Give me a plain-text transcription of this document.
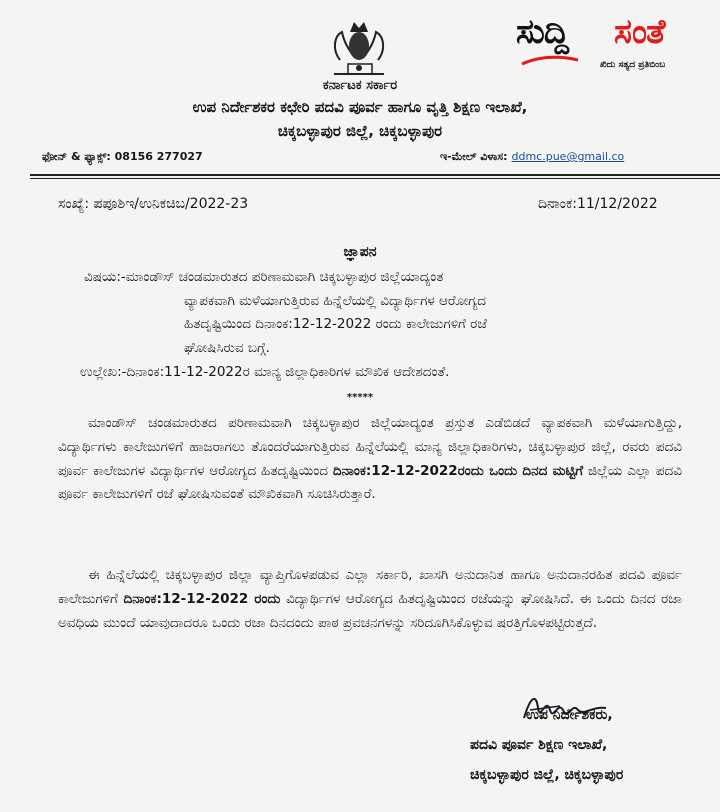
ಸುದ್ದಿ ಸಂತೆ
ಖಿದು ಸತ್ಯದ ಪ್ರತಿಬಿಂಬ
ಕರ್ನಾಟಕ ಸರ್ಕಾರ
ಉಪ ನಿರ್ದೇಶಕರ ಕಛೇರಿ ಪದವಿ ಪೂರ್ವ ಹಾಗೂ ವೃತ್ತಿ ಶಿಕ್ಷಣ ಇಲಾಖೆ,
ಚಿಕ್ಕಬಳ್ಳಾಪುರ ಜಿಲ್ಲೆ, ಚಿಕ್ಕಬಳ್ಳಾಪುರ
ಫೋನ್ & ಫ್ಯಾಕ್ಸ್: 08156 277027	ಇ-ಮೇಲ್ ವಿಳಾಸ: ddmc.pue@gmail.co
ಸಂಖ್ಯೆ: ಪಪೂಶಿಇ/ಉನಿಕಚಿಬ/2022-23	ದಿನಾಂಕ:11/12/2022
ಜ್ಞಾಪನ
ವಿಷಯ:-ಮಾಂಡೌಸ್ ಚಂಡಮಾರುತದ ಪರಿಣಾಮವಾಗಿ ಚಿಕ್ಕಬಳ್ಳಾಪುರ ಜಿಲ್ಲೆಯಾದ್ಯಂತ
ವ್ಯಾಪಕವಾಗಿ ಮಳೆಯಾಗುತ್ತಿರುವ ಹಿನ್ನೆಲೆಯಲ್ಲಿ ವಿದ್ಯಾರ್ಥಿಗಳ ಆರೋಗ್ಯದ
ಹಿತದೃಷ್ಟಿಯಿಂದ ದಿನಾಂಕ:12-12-2022 ರಂದು ಕಾಲೇಜುಗಳಿಗೆ ರಜೆ
ಘೋಷಿಸಿರುವ ಬಗ್ಗೆ.
ಉಲ್ಲೇಖ:-ದಿನಾಂಕ:11-12-2022ರ ಮಾನ್ಯ ಜಿಲ್ಲಾಧಿಕಾರಿಗಳ ಮೌಖಿಕ ಆದೇಶದಂತೆ.
*****
ಮಾಂಡೌಸ್ ಚಂಡಮಾರುತದ ಪರಿಣಾಮವಾಗಿ ಚಿಕ್ಕಬಳ್ಳಾಪುರ ಜಿಲ್ಲೆಯಾದ್ಯಂತ ಪ್ರಸ್ತುತ ಎಡೆಬಿಡದೆ ವ್ಯಾಪಕವಾಗಿ ಮಳೆಯಾಗುತ್ತಿದ್ದು, ವಿದ್ಯಾರ್ಥಿಗಳು ಕಾಲೇಜುಗಳಿಗೆ ಹಾಜರಾಗಲು ತೊಂದರೆಯಾಗುತ್ತಿರುವ ಹಿನ್ನೆಲೆಯಲ್ಲಿ ಮಾನ್ಯ ಜಿಲ್ಲಾಧಿಕಾರಿಗಳು, ಚಿಕ್ಕಬಳ್ಳಾಪುರ ಜಿಲ್ಲೆ, ರವರು ಪದವಿ ಪೂರ್ವ ಕಾಲೇಜುಗಳ ವಿದ್ಯಾರ್ಥಿಗಳ ಆರೋಗ್ಯದ ಹಿತದೃಷ್ಟಿಯಿಂದ ದಿನಾಂಕ:12-12-2022ರಂದು ಒಂದು ದಿನದ ಮಟ್ಟಿಗೆ ಜಿಲ್ಲೆಯ ಎಲ್ಲಾ ಪದವಿ ಪೂರ್ವ ಕಾಲೇಜುಗಳಿಗೆ ರಜೆ ಘೋಷಿಸುವಂತೆ ಮೌಖಿಕವಾಗಿ ಸೂಚಿಸಿರುತ್ತಾರೆ.
ಈ ಹಿನ್ನೆಲೆಯಲ್ಲಿ ಚಿಕ್ಕಬಳ್ಳಾಪುರ ಜಿಲ್ಲಾ ವ್ಯಾಪ್ತಿಗೊಳಪಡುವ ಎಲ್ಲಾ ಸರ್ಕಾರಿ, ಖಾಸಗಿ ಅನುದಾನಿತ ಹಾಗೂ ಅನುದಾನರಹಿತ ಪದವಿ ಪೂರ್ವ ಕಾಲೇಜುಗಳಿಗೆ ದಿನಾಂಕ:12-12-2022 ರಂದು ವಿದ್ಯಾರ್ಥಿಗಳ ಆರೋಗ್ಯದ ಹಿತದೃಷ್ಟಿಯಿಂದ ರಜೆಯನ್ನು ಘೋಷಿಸಿದೆ. ಈ ಒಂದು ದಿನದ ರಜಾ ಅವಧಿಯ ಮುಂದೆ ಯಾವುದಾದರೂ ಒಂದು ರಜಾ ದಿನದಂದು ಪಾಠ ಪ್ರವಚನಗಳನ್ನು ಸರಿದೂಗಿಸಿಕೊಳ್ಳುವ ಷರತ್ತಿಗೊಳಪಟ್ಟಿರುತ್ತದೆ.
ಉಪ ನಿರ್ದೇಶಕರು,
ಪದವಿ ಪೂರ್ವ ಶಿಕ್ಷಣ ಇಲಾಖೆ,
ಚಿಕ್ಕಬಳ್ಳಾಪುರ ಜಿಲ್ಲೆ, ಚಿಕ್ಕಬಳ್ಳಾಪುರ
